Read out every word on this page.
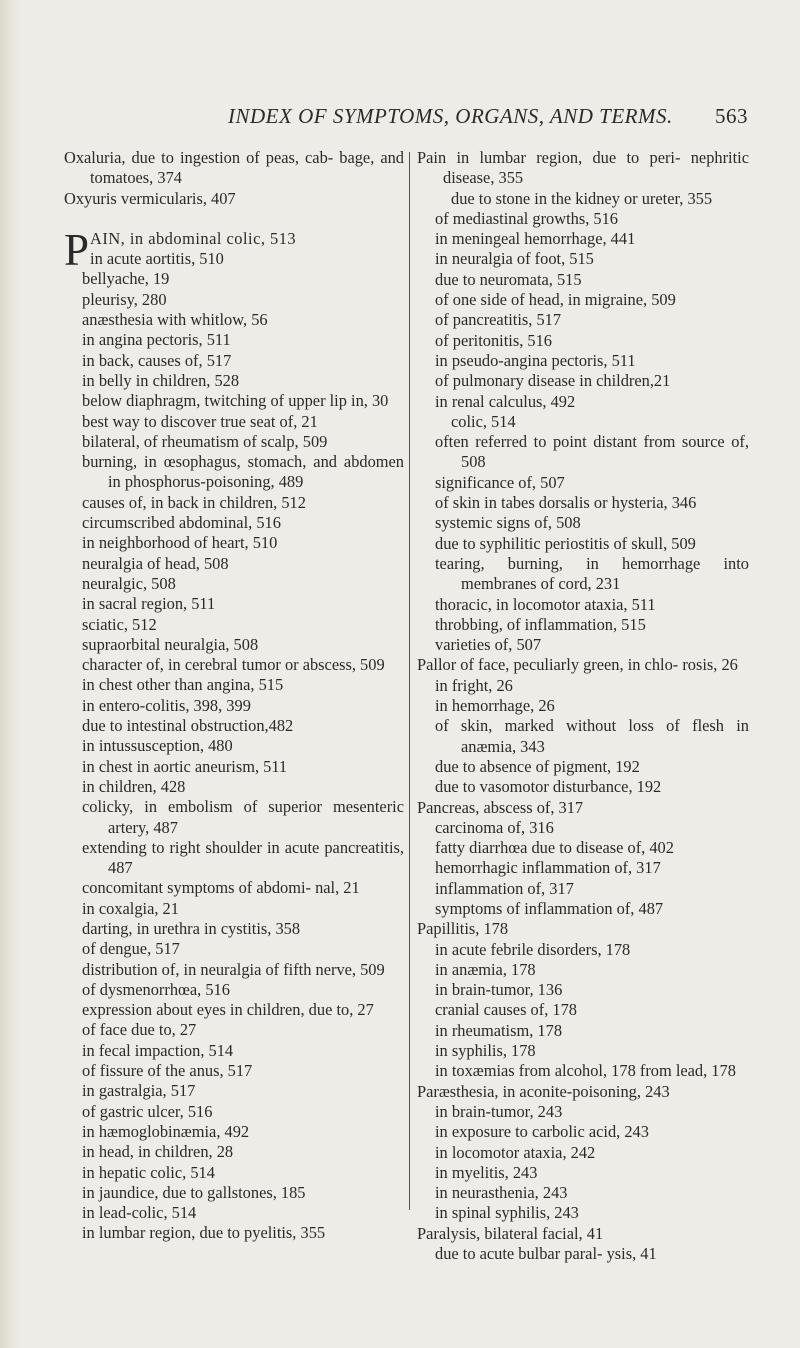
INDEX OF SYMPTOMS, ORGANS, AND TERMS. 563
Oxaluria, due to ingestion of peas, cab- bage, and tomatoes, 374
Oxyuris vermicularis, 407
P AIN, in abdominal colic, 513
in acute aortitis, 510
bellyache, 19
pleurisy, 280
anæsthesia with whitlow, 56
in angina pectoris, 511
in back, causes of, 517
in belly in children, 528
below diaphragm, twitching of upper lip in, 30
best way to discover true seat of, 21
bilateral, of rheumatism of scalp, 509
burning, in œsophagus, stomach, and abdomen in phosphorus-poisoning, 489
causes of, in back in children, 512
circumscribed abdominal, 516
in neighborhood of heart, 510
neuralgia of head, 508
neuralgic, 508
in sacral region, 511
sciatic, 512
supraorbital neuralgia, 508
character of, in cerebral tumor or abscess, 509
in chest other than angina, 515
in entero-colitis, 398, 399
due to intestinal obstruction,482
in intussusception, 480
in chest in aortic aneurism, 511
in children, 428
colicky, in embolism of superior mesenteric artery, 487
extending to right shoulder in acute pancreatitis, 487
concomitant symptoms of abdomi- nal, 21
in coxalgia, 21
darting, in urethra in cystitis, 358
of dengue, 517
distribution of, in neuralgia of fifth nerve, 509
of dysmenorrhœa, 516
expression about eyes in children, due to, 27
of face due to, 27
in fecal impaction, 514
of fissure of the anus, 517
in gastralgia, 517
of gastric ulcer, 516
in hæmoglobinæmia, 492
in head, in children, 28
in hepatic colic, 514
in jaundice, due to gallstones, 185
in lead-colic, 514
in lumbar region, due to pyelitis, 355
Pain in lumbar region, due to peri- nephritic disease, 355
due to stone in the kidney or ureter, 355
of mediastinal growths, 516
in meningeal hemorrhage, 441
in neuralgia of foot, 515
due to neuromata, 515
of one side of head, in migraine, 509
of pancreatitis, 517
of peritonitis, 516
in pseudo-angina pectoris, 511
of pulmonary disease in children,21
in renal calculus, 492
colic, 514
often referred to point distant from source of, 508
significance of, 507
of skin in tabes dorsalis or hysteria, 346
systemic signs of, 508
due to syphilitic periostitis of skull, 509
tearing, burning, in hemorrhage into membranes of cord, 231
thoracic, in locomotor ataxia, 511
throbbing, of inflammation, 515
varieties of, 507
Pallor of face, peculiarly green, in chlo- rosis, 26
in fright, 26
in hemorrhage, 26
of skin, marked without loss of flesh in anæmia, 343
due to absence of pigment, 192
due to vasomotor disturbance, 192
Pancreas, abscess of, 317
carcinoma of, 316
fatty diarrhœa due to disease of, 402
hemorrhagic inflammation of, 317
inflammation of, 317
symptoms of inflammation of, 487
Papillitis, 178
in acute febrile disorders, 178
in anæmia, 178
in brain-tumor, 136
cranial causes of, 178
in rheumatism, 178
in syphilis, 178
in toxæmias from alcohol, 178 from lead, 178
Paræsthesia, in aconite-poisoning, 243
in brain-tumor, 243
in exposure to carbolic acid, 243
in locomotor ataxia, 242
in myelitis, 243
in neurasthenia, 243
in spinal syphilis, 243
Paralysis, bilateral facial, 41
due to acute bulbar paral- ysis, 41
